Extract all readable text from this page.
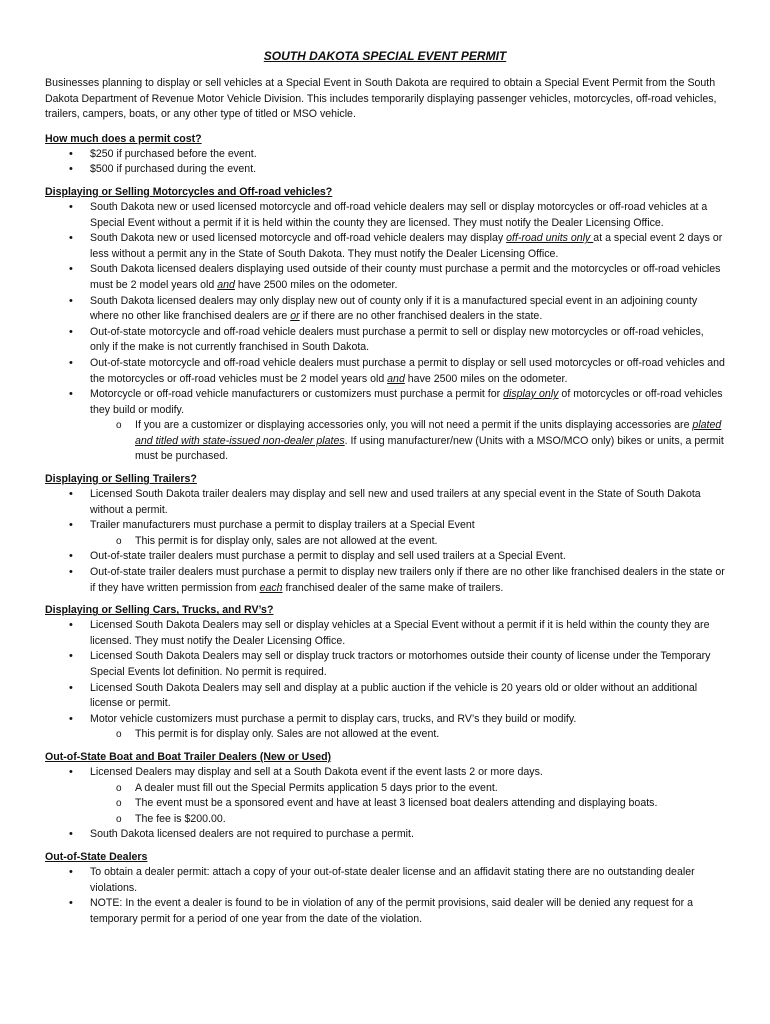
SOUTH DAKOTA SPECIAL EVENT PERMIT

Businesses planning to display or sell vehicles at a Special Event in South Dakota are required to obtain a Special Event Permit from the South Dakota Department of Revenue Motor Vehicle Division. This includes temporarily displaying passenger vehicles, motorcycles, off-road vehicles, trailers, campers, boats, or any other type of titled or MSO vehicle.

How much does a permit cost?
• $250 if purchased before the event.
• $500 if purchased during the event.
Displaying or Selling Motorcycles and Off-road vehicles?
• South Dakota new or used licensed motorcycle and off-road vehicle dealers may sell or display motorcycles or off-road vehicles at a Special Event without a permit if it is held within the county they are licensed. They must notify the Dealer Licensing Office.
• South Dakota new or used licensed motorcycle and off-road vehicle dealers may display off-road units only at a special event 2 days or less without a permit any in the State of South Dakota. They must notify the Dealer Licensing Office.
• South Dakota licensed dealers displaying used outside of their county must purchase a permit and the motorcycles or off-road vehicles must be 2 model years old and have 2500 miles on the odometer.
• South Dakota licensed dealers may only display new out of county only if it is a manufactured special event in an adjoining county where no other like franchised dealers are or if there are no other franchised dealers in the state.
• Out-of-state motorcycle and off-road vehicle dealers must purchase a permit to sell or display new motorcycles or off-road vehicles, only if the make is not currently franchised in South Dakota.
• Out-of-state motorcycle and off-road vehicle dealers must purchase a permit to display or sell used motorcycles or off-road vehicles and the motorcycles or off-road vehicles must be 2 model years old and have 2500 miles on the odometer.
• Motorcycle or off-road vehicle manufacturers or customizers must purchase a permit for display only of motorcycles or off-road vehicles they build or modify.
o If you are a customizer or displaying accessories only, you will not need a permit if the units displaying accessories are plated and titled with state-issued non-dealer plates. If using manufacturer/new (Units with a MSO/MCO only) bikes or units, a permit must be purchased.
Displaying or Selling Trailers?
• Licensed South Dakota trailer dealers may display and sell new and used trailers at any special event in the State of South Dakota without a permit.
• Trailer manufacturers must purchase a permit to display trailers at a Special Event
o This permit is for display only, sales are not allowed at the event.
• Out-of-state trailer dealers must purchase a permit to display and sell used trailers at a Special Event.
• Out-of-state trailer dealers must purchase a permit to display new trailers only if there are no other like franchised dealers in the state or if they have written permission from each franchised dealer of the same make of trailers.
Displaying or Selling Cars, Trucks, and RV’s?
• Licensed South Dakota Dealers may sell or display vehicles at a Special Event without a permit if it is held within the county they are licensed. They must notify the Dealer Licensing Office.
• Licensed South Dakota Dealers may sell or display truck tractors or motorhomes outside their county of license under the Temporary Special Events lot definition. No permit is required.
• Licensed South Dakota Dealers may sell and display at a public auction if the vehicle is 20 years old or older without an additional license or permit.
• Motor vehicle customizers must purchase a permit to display cars, trucks, and RV’s they build or modify.
o This permit is for display only. Sales are not allowed at the event.
Out-of-State Boat and Boat Trailer Dealers (New or Used)
• Licensed Dealers may display and sell at a South Dakota event if the event lasts 2 or more days.
o A dealer must fill out the Special Permits application 5 days prior to the event.
o The event must be a sponsored event and have at least 3 licensed boat dealers attending and displaying boats.
o The fee is $200.00.
• South Dakota licensed dealers are not required to purchase a permit.
Out-of-State Dealers
• To obtain a dealer permit: attach a copy of your out-of-state dealer license and an affidavit stating there are no outstanding dealer violations.
• NOTE: In the event a dealer is found to be in violation of any of the permit provisions, said dealer will be denied any request for a temporary permit for a period of one year from the date of the violation.
